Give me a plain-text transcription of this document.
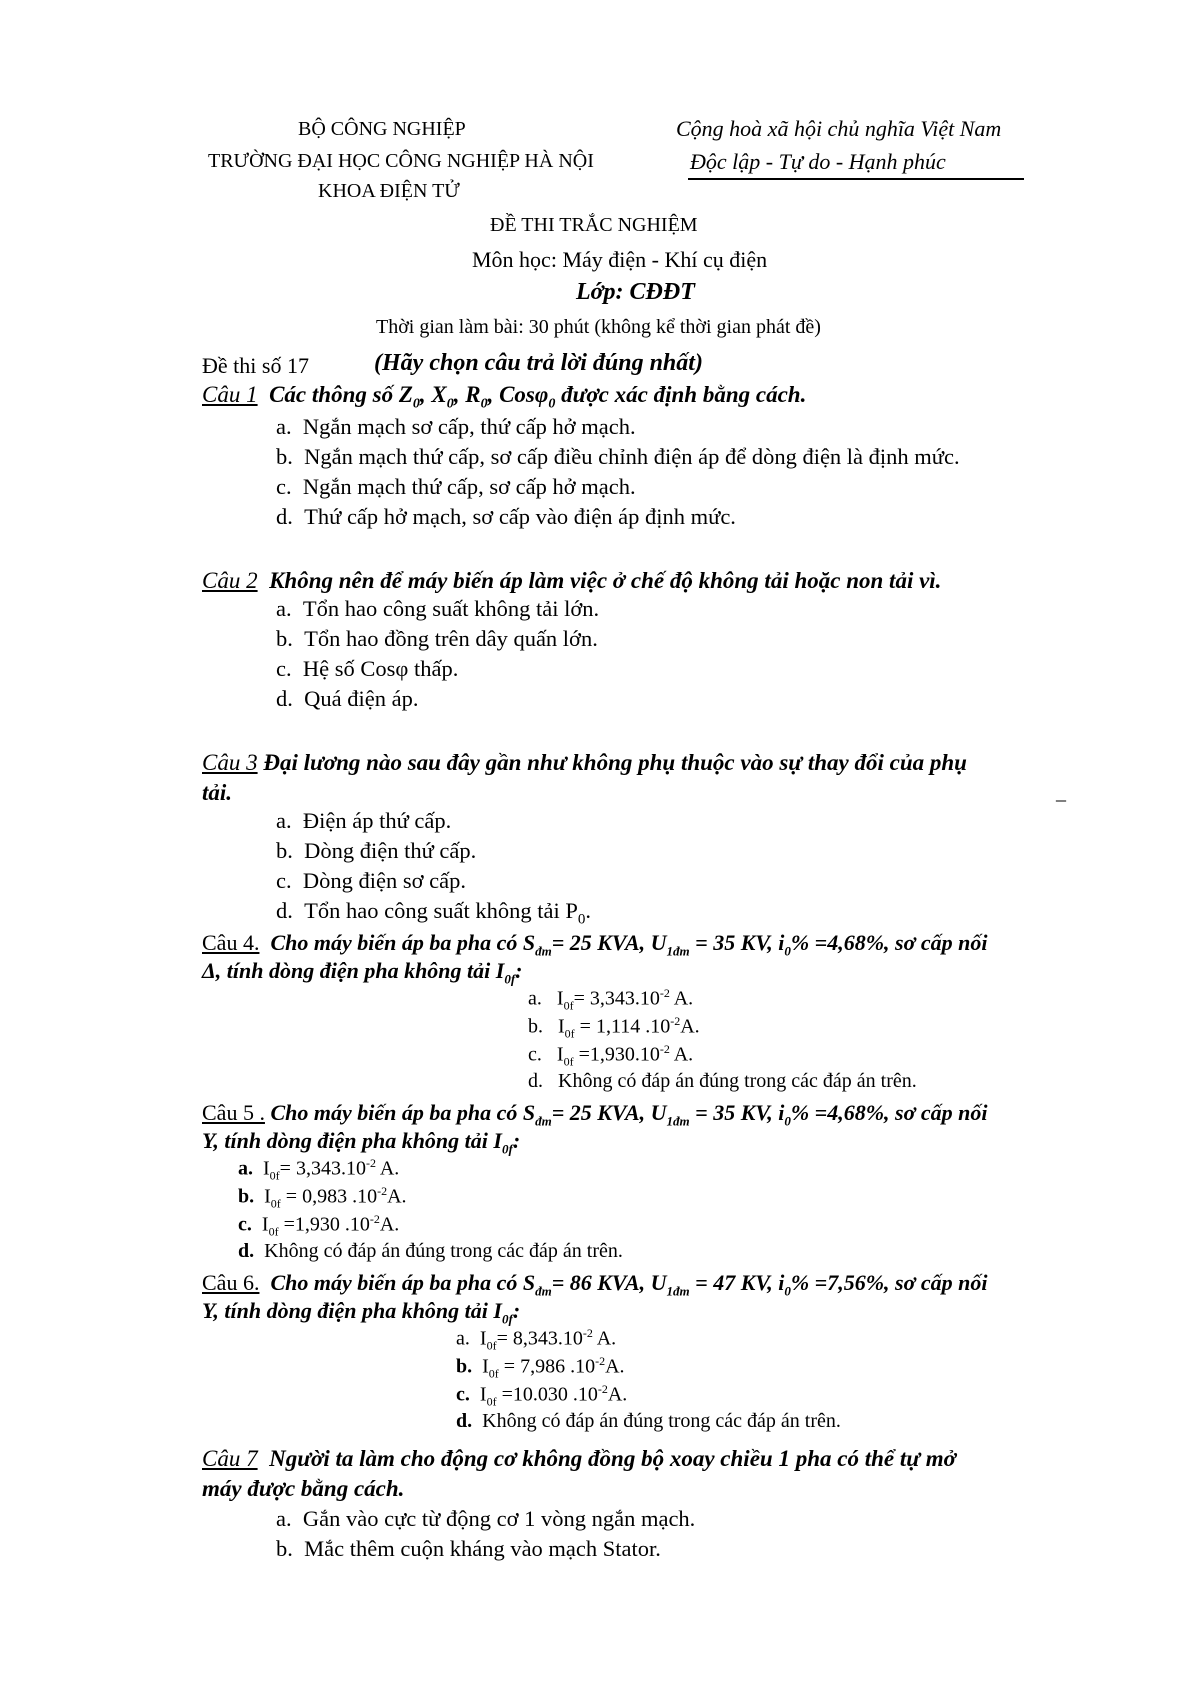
BỘ CÔNG NGHIỆP
TRƯỜNG ĐẠI HỌC CÔNG NGHIỆP HÀ NỘI
KHOA ĐIỆN TỬ
Cộng hoà xã hội chủ nghĩa Việt Nam
Độc lập - Tự do - Hạnh phúc
ĐỀ THI TRẮC NGHIỆM
Môn học: Máy điện - Khí cụ điện
Lớp: CĐĐT
Thời gian làm bài: 30 phút (không kể thời gian phát đề)
Đề thi số 17	(Hãy chọn câu trả lời đúng nhất)
Câu 1 Các thông số $Z_0$, $X_0$, $R_0$, Cosφ$_0$ được xác định bằng cách.
a. Ngắn mạch sơ cấp, thứ cấp hở mạch.
b. Ngắn mạch thứ cấp, sơ cấp điều chỉnh điện áp để dòng điện là định mức.
c. Ngắn mạch thứ cấp, sơ cấp hở mạch.
d. Thứ cấp hở mạch, sơ cấp vào điện áp định mức.
Câu 2 Không nên để máy biến áp làm việc ở chế độ không tải hoặc non tải vì.
a. Tổn hao công suất không tải lớn.
b. Tổn hao đồng trên dây quấn lớn.
c. Hệ số Cosφ thấp.
d. Quá điện áp.
Câu 3 Đại lương nào sau đây gần như không phụ thuộc vào sự thay đổi của phụ
tải.	_
a. Điện áp thứ cấp.
b. Dòng điện thứ cấp.
c. Dòng điện sơ cấp.
d. Tổn hao công suất không tải $P_0$.
Câu 4. Cho máy biến áp ba pha có $S_{đm}= 25$ KVA, $U_{1đm} = 35$ KV, $i_0\% =4,68\%$, sơ cấp nối
Δ, tính dòng điện pha không tải $I_{0f}$:
a. $I_{0f}= 3,343.10^{-2}$ A.
b. $I_{0f} = 1,114$ $.10^{-2}A$.
c. $I_{0f} =1,930.10^{-2}$ A.
d. Không có đáp án đúng trong các đáp án trên.
Câu 5 . Cho máy biến áp ba pha có $S_{đm}= 25$ KVA, $U_{1đm} = 35$ KV, $i_0\% =4,68\%$, sơ cấp nối
Y, tính dòng điện pha không tải $I_{0f}$:
a. $I_{0f}= 3,343.10^{-2}$ A.
b. $I_{0f} = 0,983$ $.10^{-2}A$.
c. $I_{0f} =1,930$ $.10^{-2}A$.
d. Không có đáp án đúng trong các đáp án trên.
Câu 6. Cho máy biến áp ba pha có $S_{đm}= 86$ KVA, $U_{1đm} = 47$ KV, $i_0\% =7,56\%$, sơ cấp nối
Y, tính dòng điện pha không tải $I_{0f}$:
a. $I_{0f}= 8,343.10^{-2}$ A.
b. $I_{0f} = 7,986$ $.10^{-2}A$.
c. $I_{0f} =10.030$ $.10^{-2}A$.
d. Không có đáp án đúng trong các đáp án trên.
Câu 7 Người ta làm cho động cơ không đồng bộ xoay chiều 1 pha có thể tự mở
máy được bằng cách.
a. Gắn vào cực từ động cơ 1 vòng ngắn mạch.
b. Mắc thêm cuộn kháng vào mạch Stator.
